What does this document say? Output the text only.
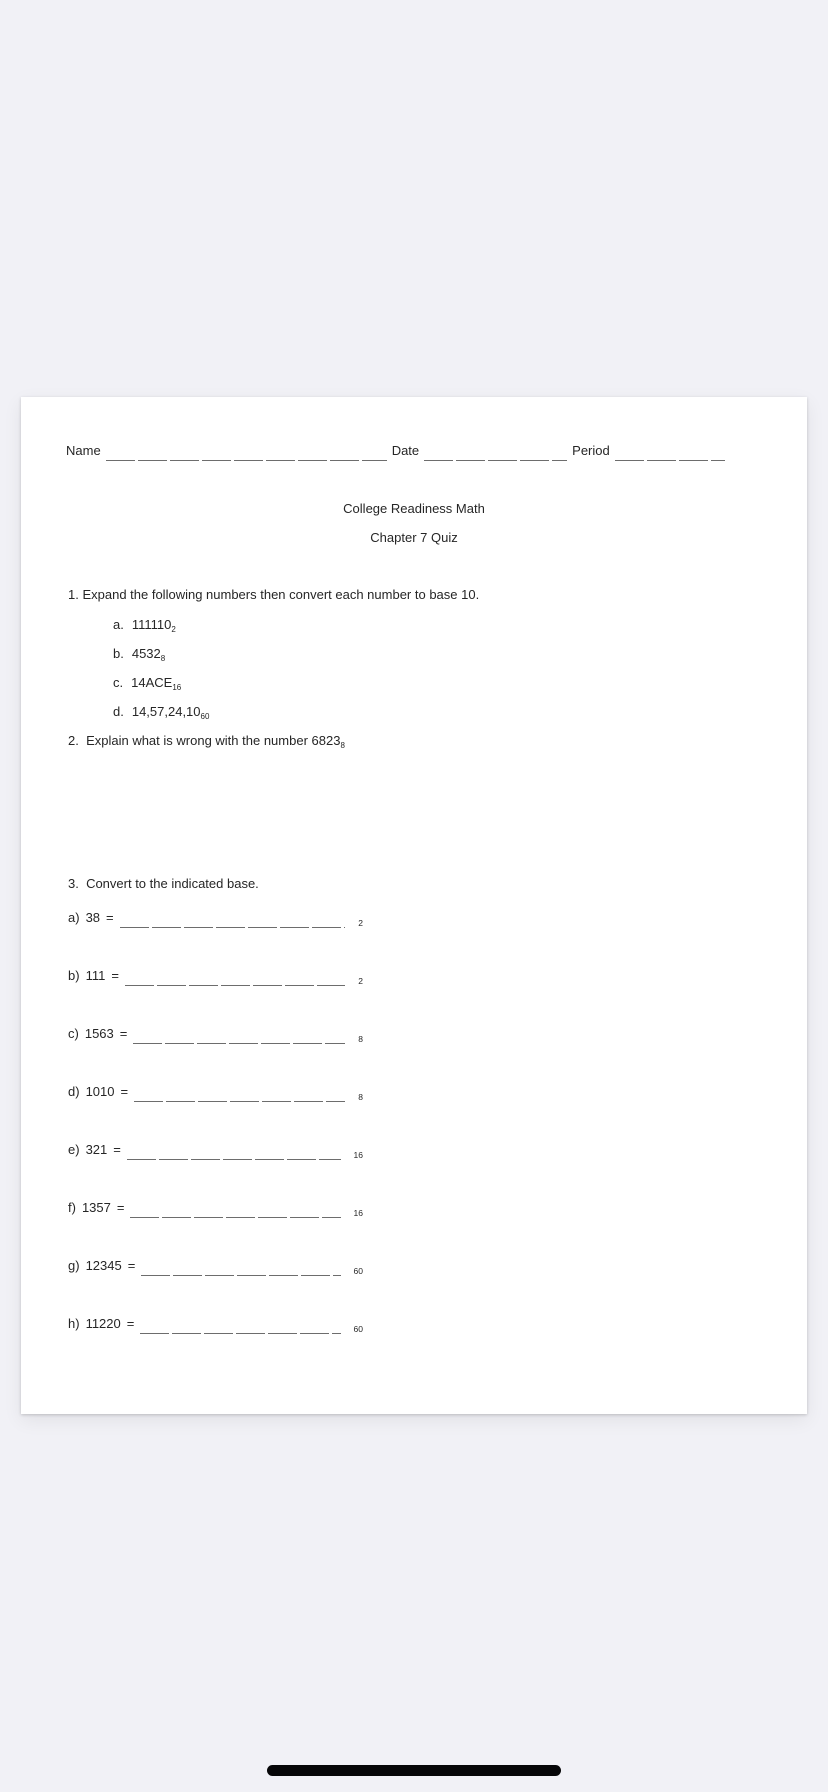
Name	Date	Period
College Readiness Math
Chapter 7 Quiz
1. Expand the following numbers then convert each number to base 10.
a. $111110_2$
b. $4532_8$
c. $14ACE_{16}$
d. $14,57,24,10_{60}$
2.  Explain what is wrong with the number $6823_8$
3.  Convert to the indicated base.
a) 38 =	2
b) 111 =	2
c) 1563 =	8
d) 1010 =	8
e) 321 =	16
f) 1357 =	16
g) 12345 =	60
h) 11220 =	60
